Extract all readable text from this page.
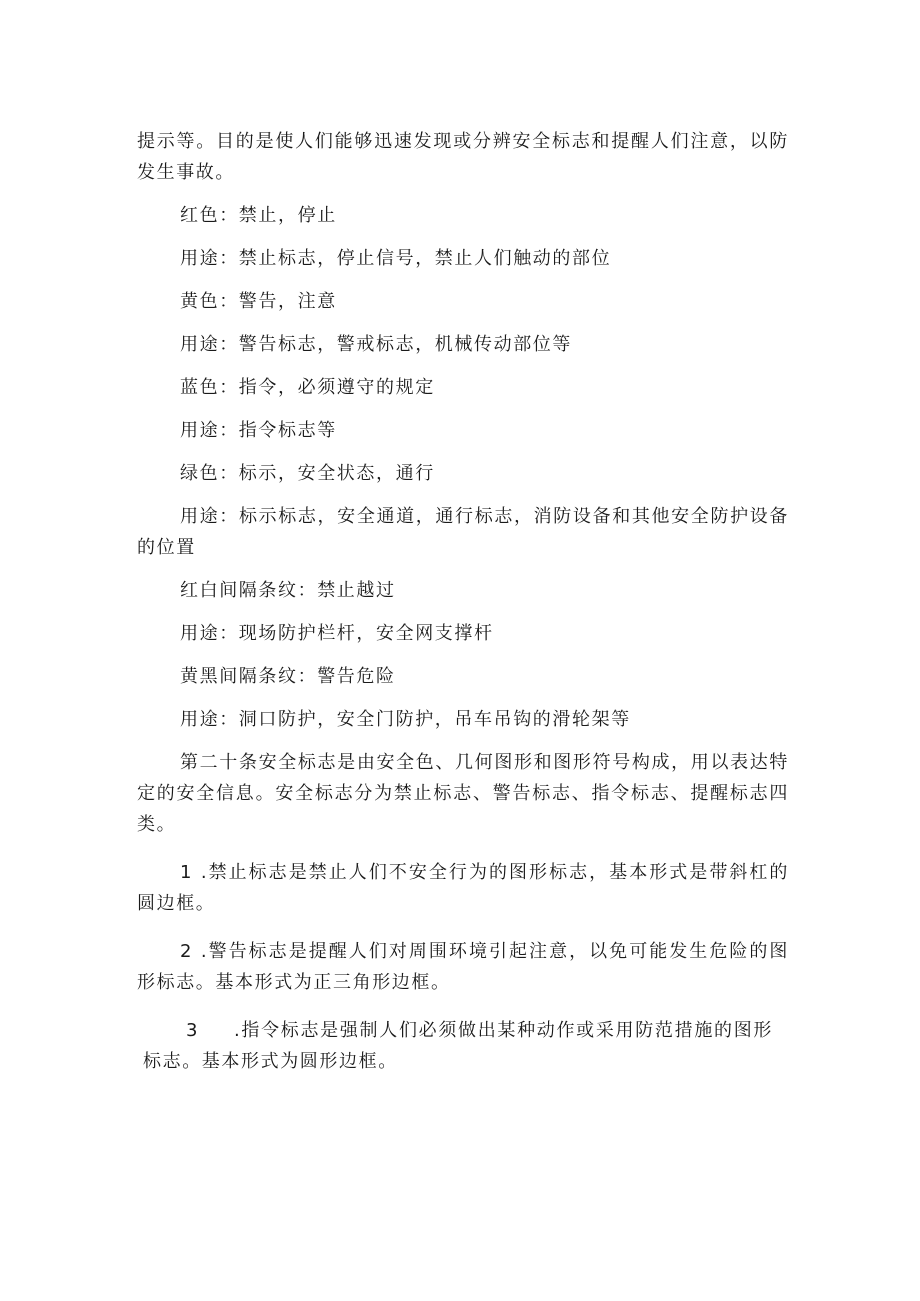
提示等。目的是使人们能够迅速发现或分辨安全标志和提醒人们注意，以防发生事故。

红色：禁止，停止

用途：禁止标志，停止信号，禁止人们触动的部位

黄色：警告，注意

用途：警告标志，警戒标志，机械传动部位等

蓝色：指令，必须遵守的规定

用途：指令标志等

绿色：标示，安全状态，通行

用途：标示标志，安全通道，通行标志，消防设备和其他安全防护设备的位置

红白间隔条纹：禁止越过

用途：现场防护栏杆，安全网支撑杆

黄黑间隔条纹：警告危险

用途：洞口防护，安全门防护，吊车吊钩的滑轮架等

第二十条安全标志是由安全色、几何图形和图形符号构成，用以表达特定的安全信息。安全标志分为禁止标志、警告标志、指令标志、提醒标志四类。

1 .禁止标志是禁止人们不安全行为的图形标志，基本形式是带斜杠的圆边框。

2 .警告标志是提醒人们对周围环境引起注意，以免可能发生危险的图形标志。基本形式为正三角形边框。

3 .指令标志是强制人们必须做出某种动作或采用防范措施的图形标志。基本形式为圆形边框。
